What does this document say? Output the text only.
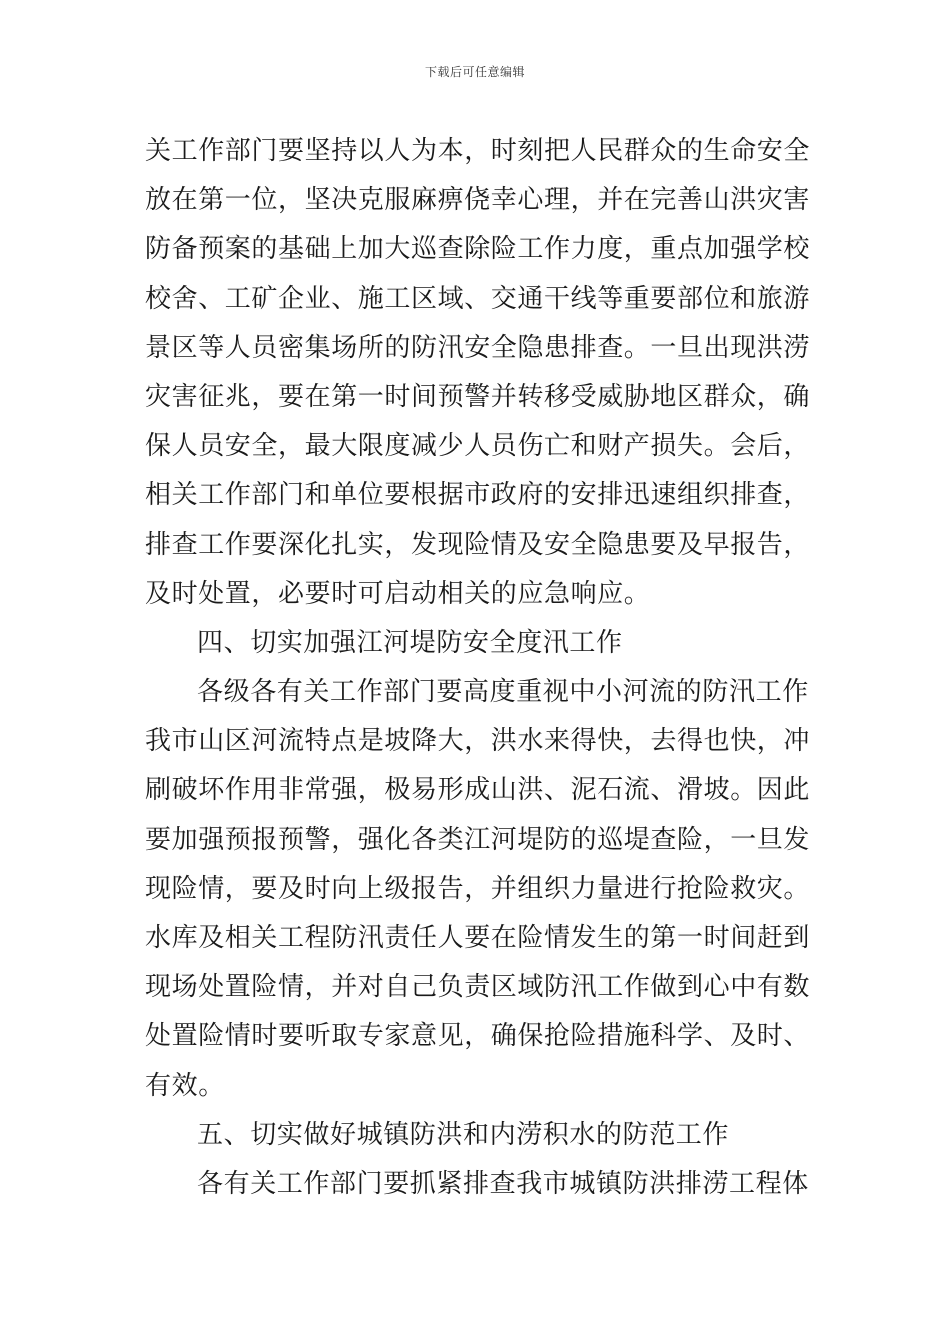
下载后可任意编辑
关工作部门要坚持以人为本，时刻把人民群众的生命安全
放在第一位，坚决克服麻痹侥幸心理，并在完善山洪灾害
防备预案的基础上加大巡查除险工作力度，重点加强学校
校舍、工矿企业、施工区域、交通干线等重要部位和旅游
景区等人员密集场所的防汛安全隐患排查。一旦出现洪涝
灾害征兆，要在第一时间预警并转移受威胁地区群众，确
保人员安全，最大限度减少人员伤亡和财产损失。会后，
相关工作部门和单位要根据市政府的安排迅速组织排查，
排查工作要深化扎实，发现险情及安全隐患要及早报告，
及时处置，必要时可启动相关的应急响应。
四、切实加强江河堤防安全度汛工作
各级各有关工作部门要高度重视中小河流的防汛工作
我市山区河流特点是坡降大，洪水来得快，去得也快，冲
刷破坏作用非常强，极易形成山洪、泥石流、滑坡。因此
要加强预报预警，强化各类江河堤防的巡堤查险，一旦发
现险情，要及时向上级报告，并组织力量进行抢险救灾。
水库及相关工程防汛责任人要在险情发生的第一时间赶到
现场处置险情，并对自己负责区域防汛工作做到心中有数
处置险情时要听取专家意见，确保抢险措施科学、及时、
有效。
五、切实做好城镇防洪和内涝积水的防范工作
各有关工作部门要抓紧排查我市城镇防洪排涝工程体
